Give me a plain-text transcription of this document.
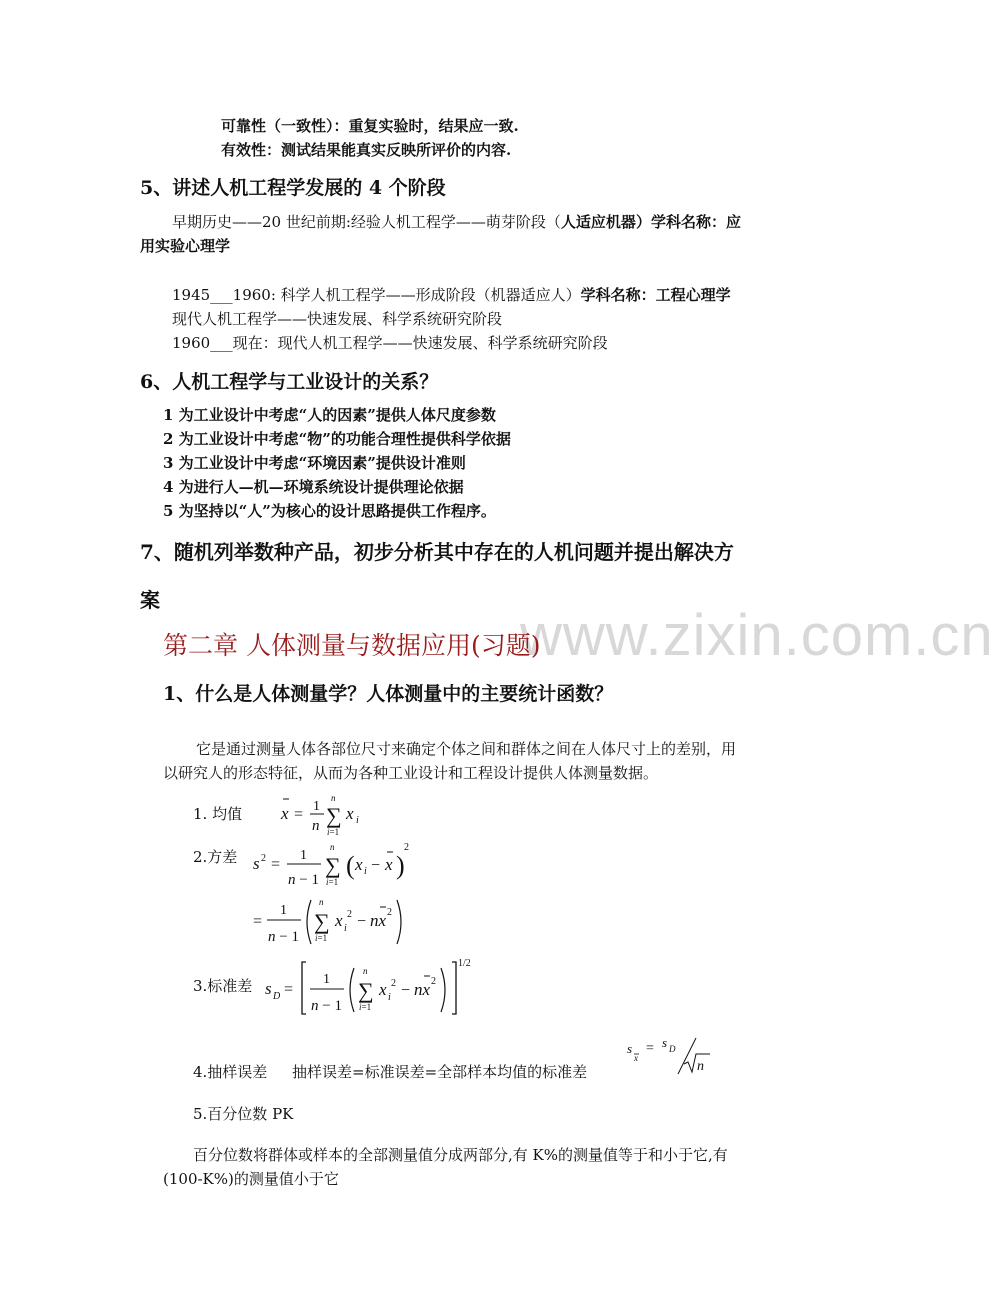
可靠性（一致性）：重复实验时，结果应一致.
有效性：测试结果能真实反映所评价的内容.
5、讲述人机工程学发展的 4 个阶段
早期历史——20 世纪前期:经验人机工程学——萌芽阶段（人适应机器）学科名称：应
用实验心理学
1945___1960: 科学人机工程学——形成阶段（机器适应人）学科名称：工程心理学
现代人机工程学——快速发展、科学系统研究阶段
1960___现在：现代人机工程学——快速发展、科学系统研究阶段
6、人机工程学与工业设计的关系？
1 为工业设计中考虑“人的因素”提供人体尺度参数
2 为工业设计中考虑“物”的功能合理性提供科学依据
3 为工业设计中考虑“环境因素”提供设计准则
4 为进行人—机—环境系统设计提供理论依据
5 为坚持以“人”为核心的设计思路提供工作程序。
7、随机列举数种产品，初步分析其中存在的人机问题并提出解决方
案
www.zixin.com.cn
第二章 人体测量与数据应用(习题)
1、什么是人体测量学？人体测量中的主要统计函数？
它是通过测量人体各部位尺寸来确定个体之间和群体之间在人体尺寸上的差别，用
以研究人的形态特征，从而为各种工业设计和工程设计提供人体测量数据。
1. 均值 x = 1
n
n
∑
i=1
x i
2.方差 s 2 =
1
n − 1
n
∑
i=1
( x i − x )
2
=
1
n − 1
n
∑
i=1
x i
2 − nx 2
3.标准差 s D =
1
n − 1
n
∑
i=1
x i
2 − nx 2
1/2
4.抽样误差 抽样误差=标准误差=全部样本均值的标准差
s
x
= s D
n
5.百分位数 PK
百分位数将群体或样本的全部测量值分成两部分,有 K%的测量值等于和小于它,有
(100-K%)的测量值小于它
